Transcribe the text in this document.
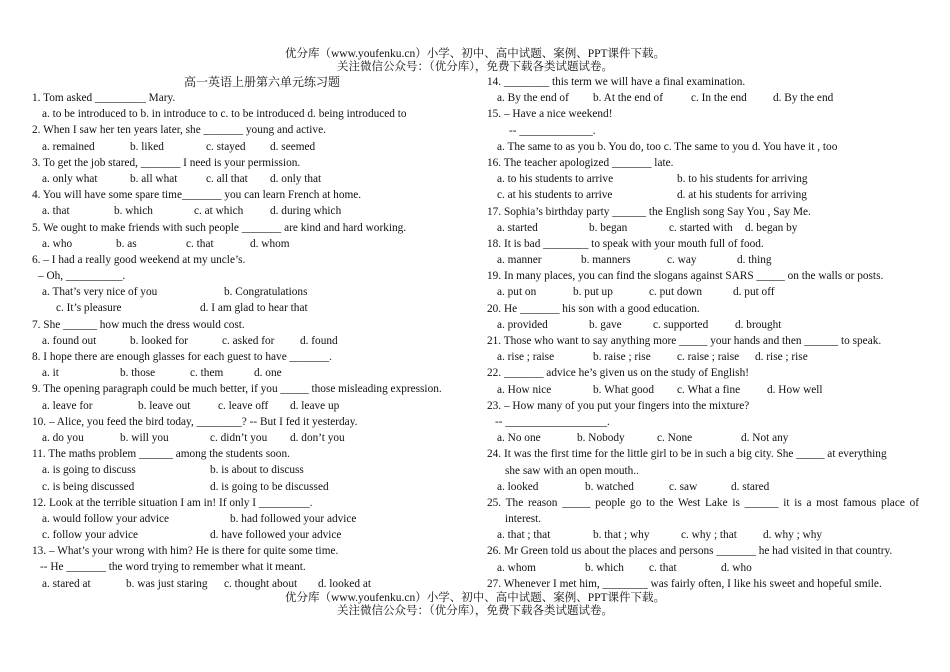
优分库（www.youfenku.cn）小学、初中、高中试题、案例、PPT课件下载。
关注微信公众号：（优分库），免费下载各类试题试卷。
高一英语上册第六单元练习题
1. Tom asked _________ Mary.
a. to be introduced to b. in introduce to c. to be introduced d. being introduced to
2. When I saw her ten years later, she _______ young and active.
a. remained	b. liked	c. stayed d. seemed
3. To get the job stared, _______ I need is your permission.
a. only what	b. all what	c. all that d. only that
4. You will have some spare time_______ you can learn French at home.
a. that	b. which	c. at which d. during which
5. We ought to make friends with such people _______ are kind and hard working.
a. who	b. as	c. that	d. whom
6. – I had a really good weekend at my uncle’s.
– Oh, __________.
a. That’s very nice of you	b. Congratulations
c. It’s pleasure	d. I am glad to hear that
7. She ______ how much the dress would cost.
a. found out	b. looked for	c. asked for d. found
8. I hope there are enough glasses for each guest to have _______.
a. it	b. those	c. them	d. one
9. The opening paragraph could be much better, if you _____ those misleading expression.
a. leave for	b. leave out c. leave off d. leave up
10. – Alice, you feed the bird today, ________? -- But I fed it yesterday.
a. do you	b. will you	c. didn’t you d. don’t you
11. The maths problem ______ among the students soon.
a. is going to discuss	b. is about to discuss
c. is being discussed	d. is going to be discussed
12. Look at the terrible situation I am in! If only I _________.
a. would follow your advice	b. had followed your advice
c. follow your advice	d. have followed your advice
13. – What’s your wrong with him? He is there for quite some time.
-- He _______ the word trying to remember what it meant.
a. stared at	b. was just staring c. thought about d. looked at
14. ________ this term we will have a final examination.
a. By the end of b. At the end of c. In the end d. By the end
15. – Have a nice weekend!
-- _____________.
a. The same to as you b. You do, too c. The same to you d. You have it , too
16. The teacher apologized _______ late.
a. to his students to arrive	b. to his students for arriving
c. at his students to arrive	d. at his students for arriving
17. Sophia’s birthday party ______ the English song Say You , Say Me.
a. started	b. began	c. started with d. began by
18. It is bad ________ to speak with your mouth full of food.
a. manner	b. manners	c. way	d. thing
19. In many places, you can find the slogans against SARS _____ on the walls or posts.
a. put on	b. put up	c. put down	d. put off
20. He _______ his son with a good education.
a. provided	b. gave	c. supported d. brought
21. Those who want to say anything more _____ your hands and then ______ to speak.
a. rise ; raise	b. raise ; rise c. raise ; raise d. rise ; rise
22. _______ advice he’s given us on the study of English!
a. How nice	b. What good c. What a fine d. How well
23. – How many of you put your fingers into the mixture?
-- __________________.
a. No one	b. Nobody	c. None	d. Not any
24. It was the first time for the little girl to be in such a big city. She _____ at everything
she saw with an open mouth..
a. looked	b. watched	c. saw	d. stared
25. The reason _____ people go to the West Lake is ______ it is a most famous place of
interest.
a. that ; that	b. that ; why	c. why ; that d. why ; why
26. Mr Green told us about the places and persons _______ he had visited in that country.
a. whom	b. which c. that	d. who
27. Whenever I met him, ________ was fairly often, I like his sweet and hopeful smile.
优分库（www.youfenku.cn）小学、初中、高中试题、案例、PPT课件下载。
关注微信公众号：（优分库），免费下载各类试题试卷。
